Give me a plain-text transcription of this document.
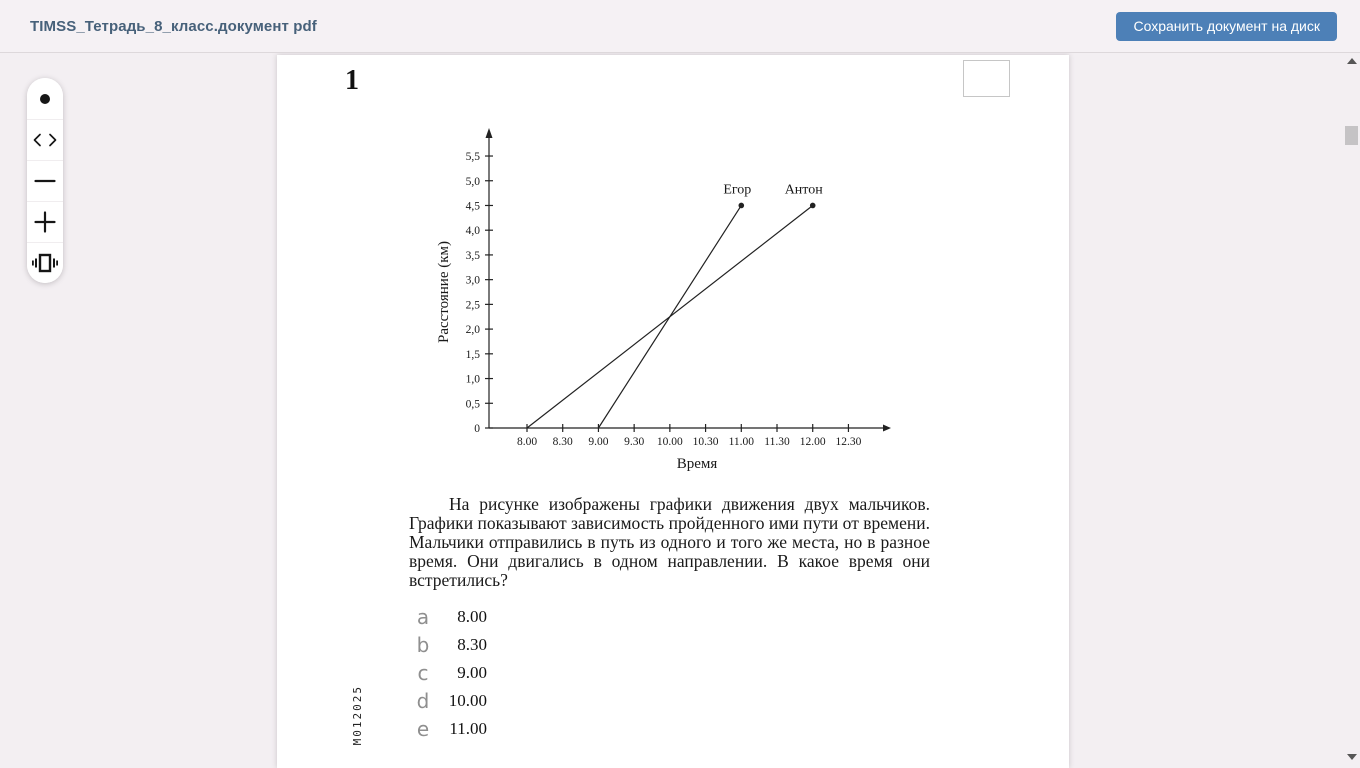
TIMSS_Тетрадь_8_класс.документ pdf	Сохранить документ на диск
1
0
0,5
1,0
1,5
2,0
2,5
3,0
3,5
4,0
4,5
5,0
5,5
8.00 8.30 9.00 9.30 10.00 10.30 11.00 11.30 12.00 12.30
Время
Расстояние (км)
Егор Антон
На рисунке изображены графики движения двух мальчиков. Графики показывают зависимость пройденного ими пути от времени. Мальчики отправились в путь из одного и того же места, но в разное время. Они двигались в одном направлении. В какое время они встретились?
a	8.00
b	8.30
c	9.00
d	10.00
e	11.00
M012025
